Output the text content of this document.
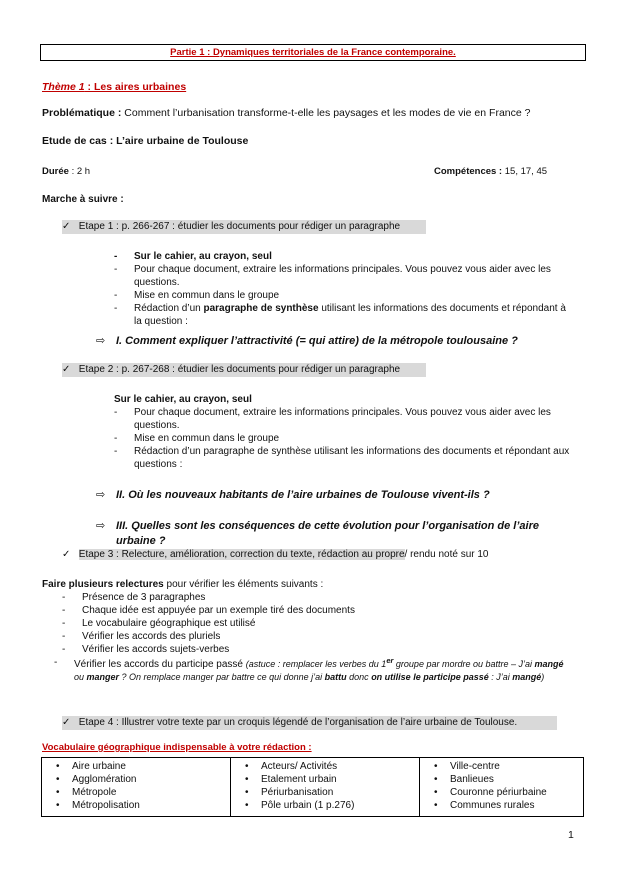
Partie 1 : Dynamiques territoriales de la France contemporaine.
Thème 1 : Les aires urbaines
Problématique : Comment l’urbanisation transforme-t-elle les paysages et les modes de vie en France ?
Etude de cas : L’aire urbaine de Toulouse
Durée : 2 h	Compétences : 15, 17, 45
Marche à suivre :
✓ Etape 1 : p. 266-267 : étudier les documents pour rédiger un paragraphe
- Sur le cahier, au crayon, seul
- Pour chaque document, extraire les informations principales. Vous pouvez vous aider avec les questions.
- Mise en commun dans le groupe
- Rédaction d’un paragraphe de synthèse utilisant les informations des documents et répondant à la question :
⇨ I. Comment expliquer l’attractivité (= qui attire) de la métropole toulousaine ?
✓ Etape 2 : p. 267-268 : étudier les documents pour rédiger un paragraphe
Sur le cahier, au crayon, seul
- Pour chaque document, extraire les informations principales. Vous pouvez vous aider avec les questions.
- Mise en commun dans le groupe
- Rédaction d’un paragraphe de synthèse utilisant les informations des documents et répondant aux questions :
⇨ II. Où les nouveaux habitants de l’aire urbaines de Toulouse vivent-ils ?
⇨ III. Quelles sont les conséquences de cette évolution pour l’organisation de l’aire urbaine ?
✓ Etape 3 : Relecture, amélioration, correction du texte, rédaction au propre/ rendu noté sur 10
Faire plusieurs relectures pour vérifier les éléments suivants :
- Présence de 3 paragraphes
- Chaque idée est appuyée par un exemple tiré des documents
- Le vocabulaire géographique est utilisé
- Vérifier les accords des pluriels
- Vérifier les accords sujets-verbes
- Vérifier les accords du participe passé (astuce : remplacer les verbes du 1er groupe par mordre ou battre – J’ai mangé ou manger ? On remplace manger par battre ce qui donne j’ai battu donc on utilise le participe passé : J’ai mangé)
✓ Etape 4 : Illustrer votre texte par un croquis légendé de l’organisation de l’aire urbaine de Toulouse.
Vocabulaire géographique indispensable à votre rédaction :
• Aire urbaine
• Agglomération
• Métropole
• Métropolisation

• Acteurs/ Activités
• Etalement urbain
• Périurbanisation
• Pôle urbain (1 p.276)

• Ville-centre
• Banlieues
• Couronne périurbaine
• Communes rurales
1
